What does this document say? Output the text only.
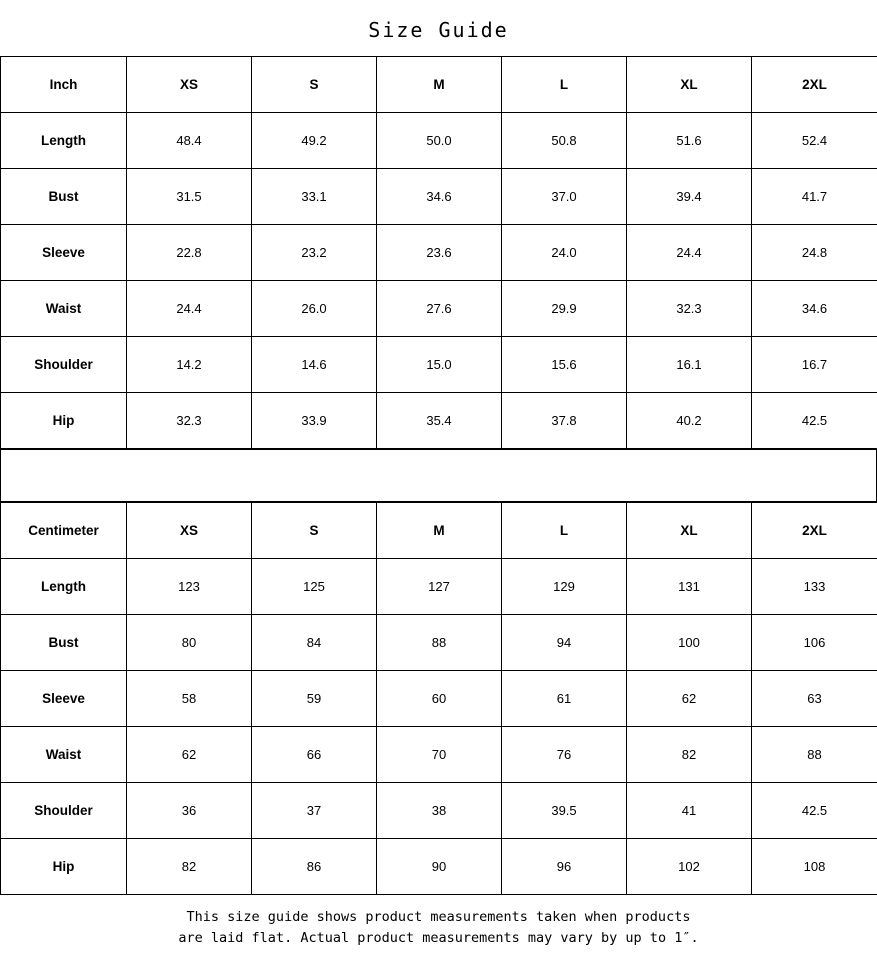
Size Guide
Inch	XS	S	M	L	XL	2XL
Length	48.4	49.2	50.0	50.8	51.6	52.4
Bust	31.5	33.1	34.6	37.0	39.4	41.7
Sleeve	22.8	23.2	23.6	24.0	24.4	24.8
Waist	24.4	26.0	27.6	29.9	32.3	34.6
Shoulder	14.2	14.6	15.0	15.6	16.1	16.7
Hip	32.3	33.9	35.4	37.8	40.2	42.5
Centimeter	XS	S	M	L	XL	2XL
Length	123	125	127	129	131	133
Bust	80	84	88	94	100	106
Sleeve	58	59	60	61	62	63
Waist	62	66	70	76	82	88
Shoulder	36	37	38	39.5	41	42.5
Hip	82	86	90	96	102	108
This size guide shows product measurements taken when products
are laid flat. Actual product measurements may vary by up to 1″.
